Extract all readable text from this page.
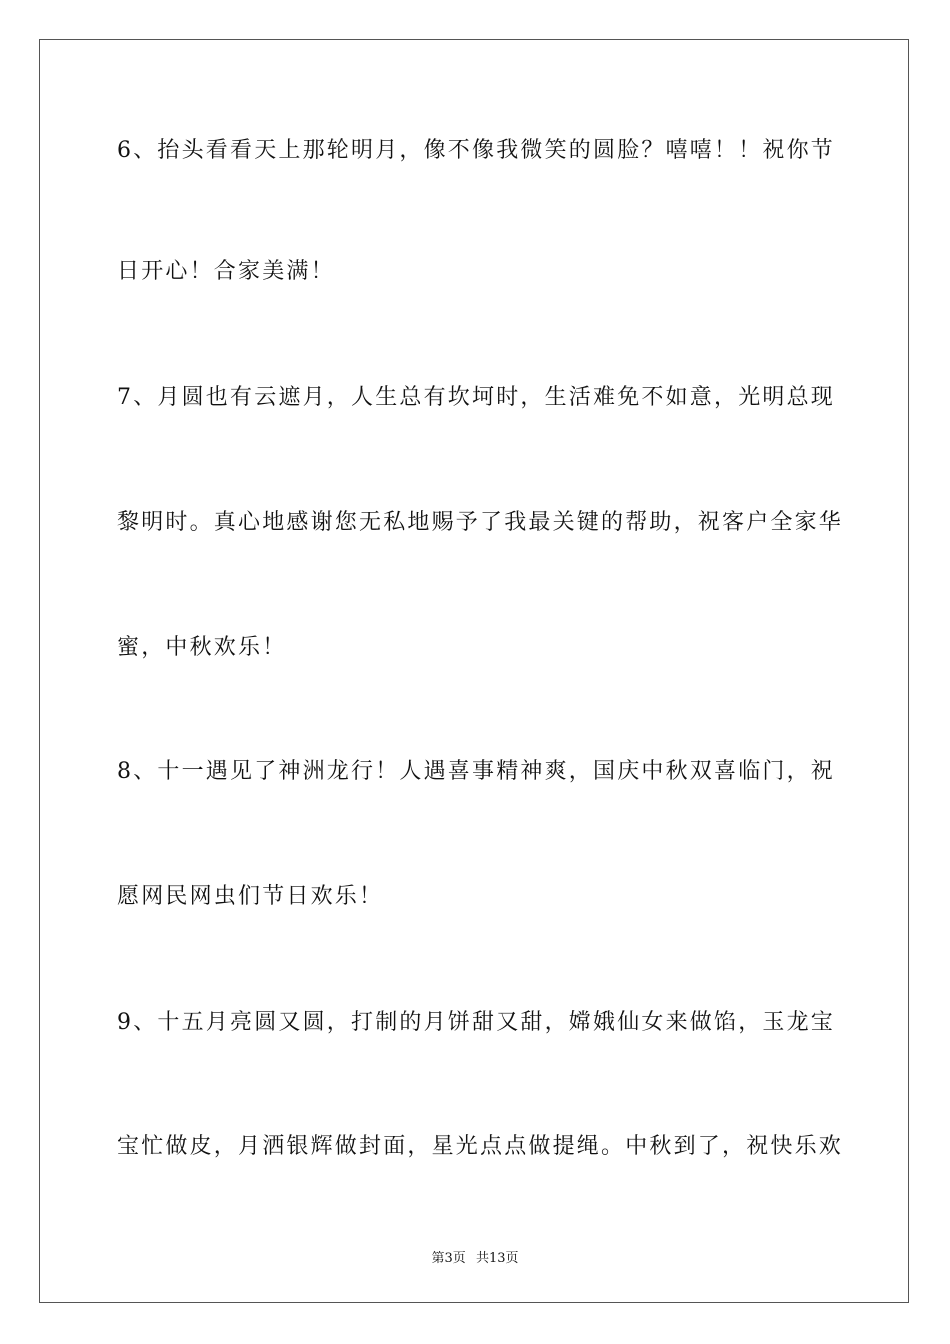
6、抬头看看天上那轮明月，像不像我微笑的圆脸？嘻嘻！！祝你节
日开心！合家美满！
7、月圆也有云遮月，人生总有坎坷时，生活难免不如意，光明总现
黎明时。真心地感谢您无私地赐予了我最关键的帮助，祝客户全家华
蜜，中秋欢乐！
8、十一遇见了神洲龙行！人遇喜事精神爽，国庆中秋双喜临门，祝
愿网民网虫们节日欢乐！
9、十五月亮圆又圆，打制的月饼甜又甜，嫦娥仙女来做馅，玉龙宝
宝忙做皮，月洒银辉做封面，星光点点做提绳。中秋到了，祝快乐欢
第3页 共13页
